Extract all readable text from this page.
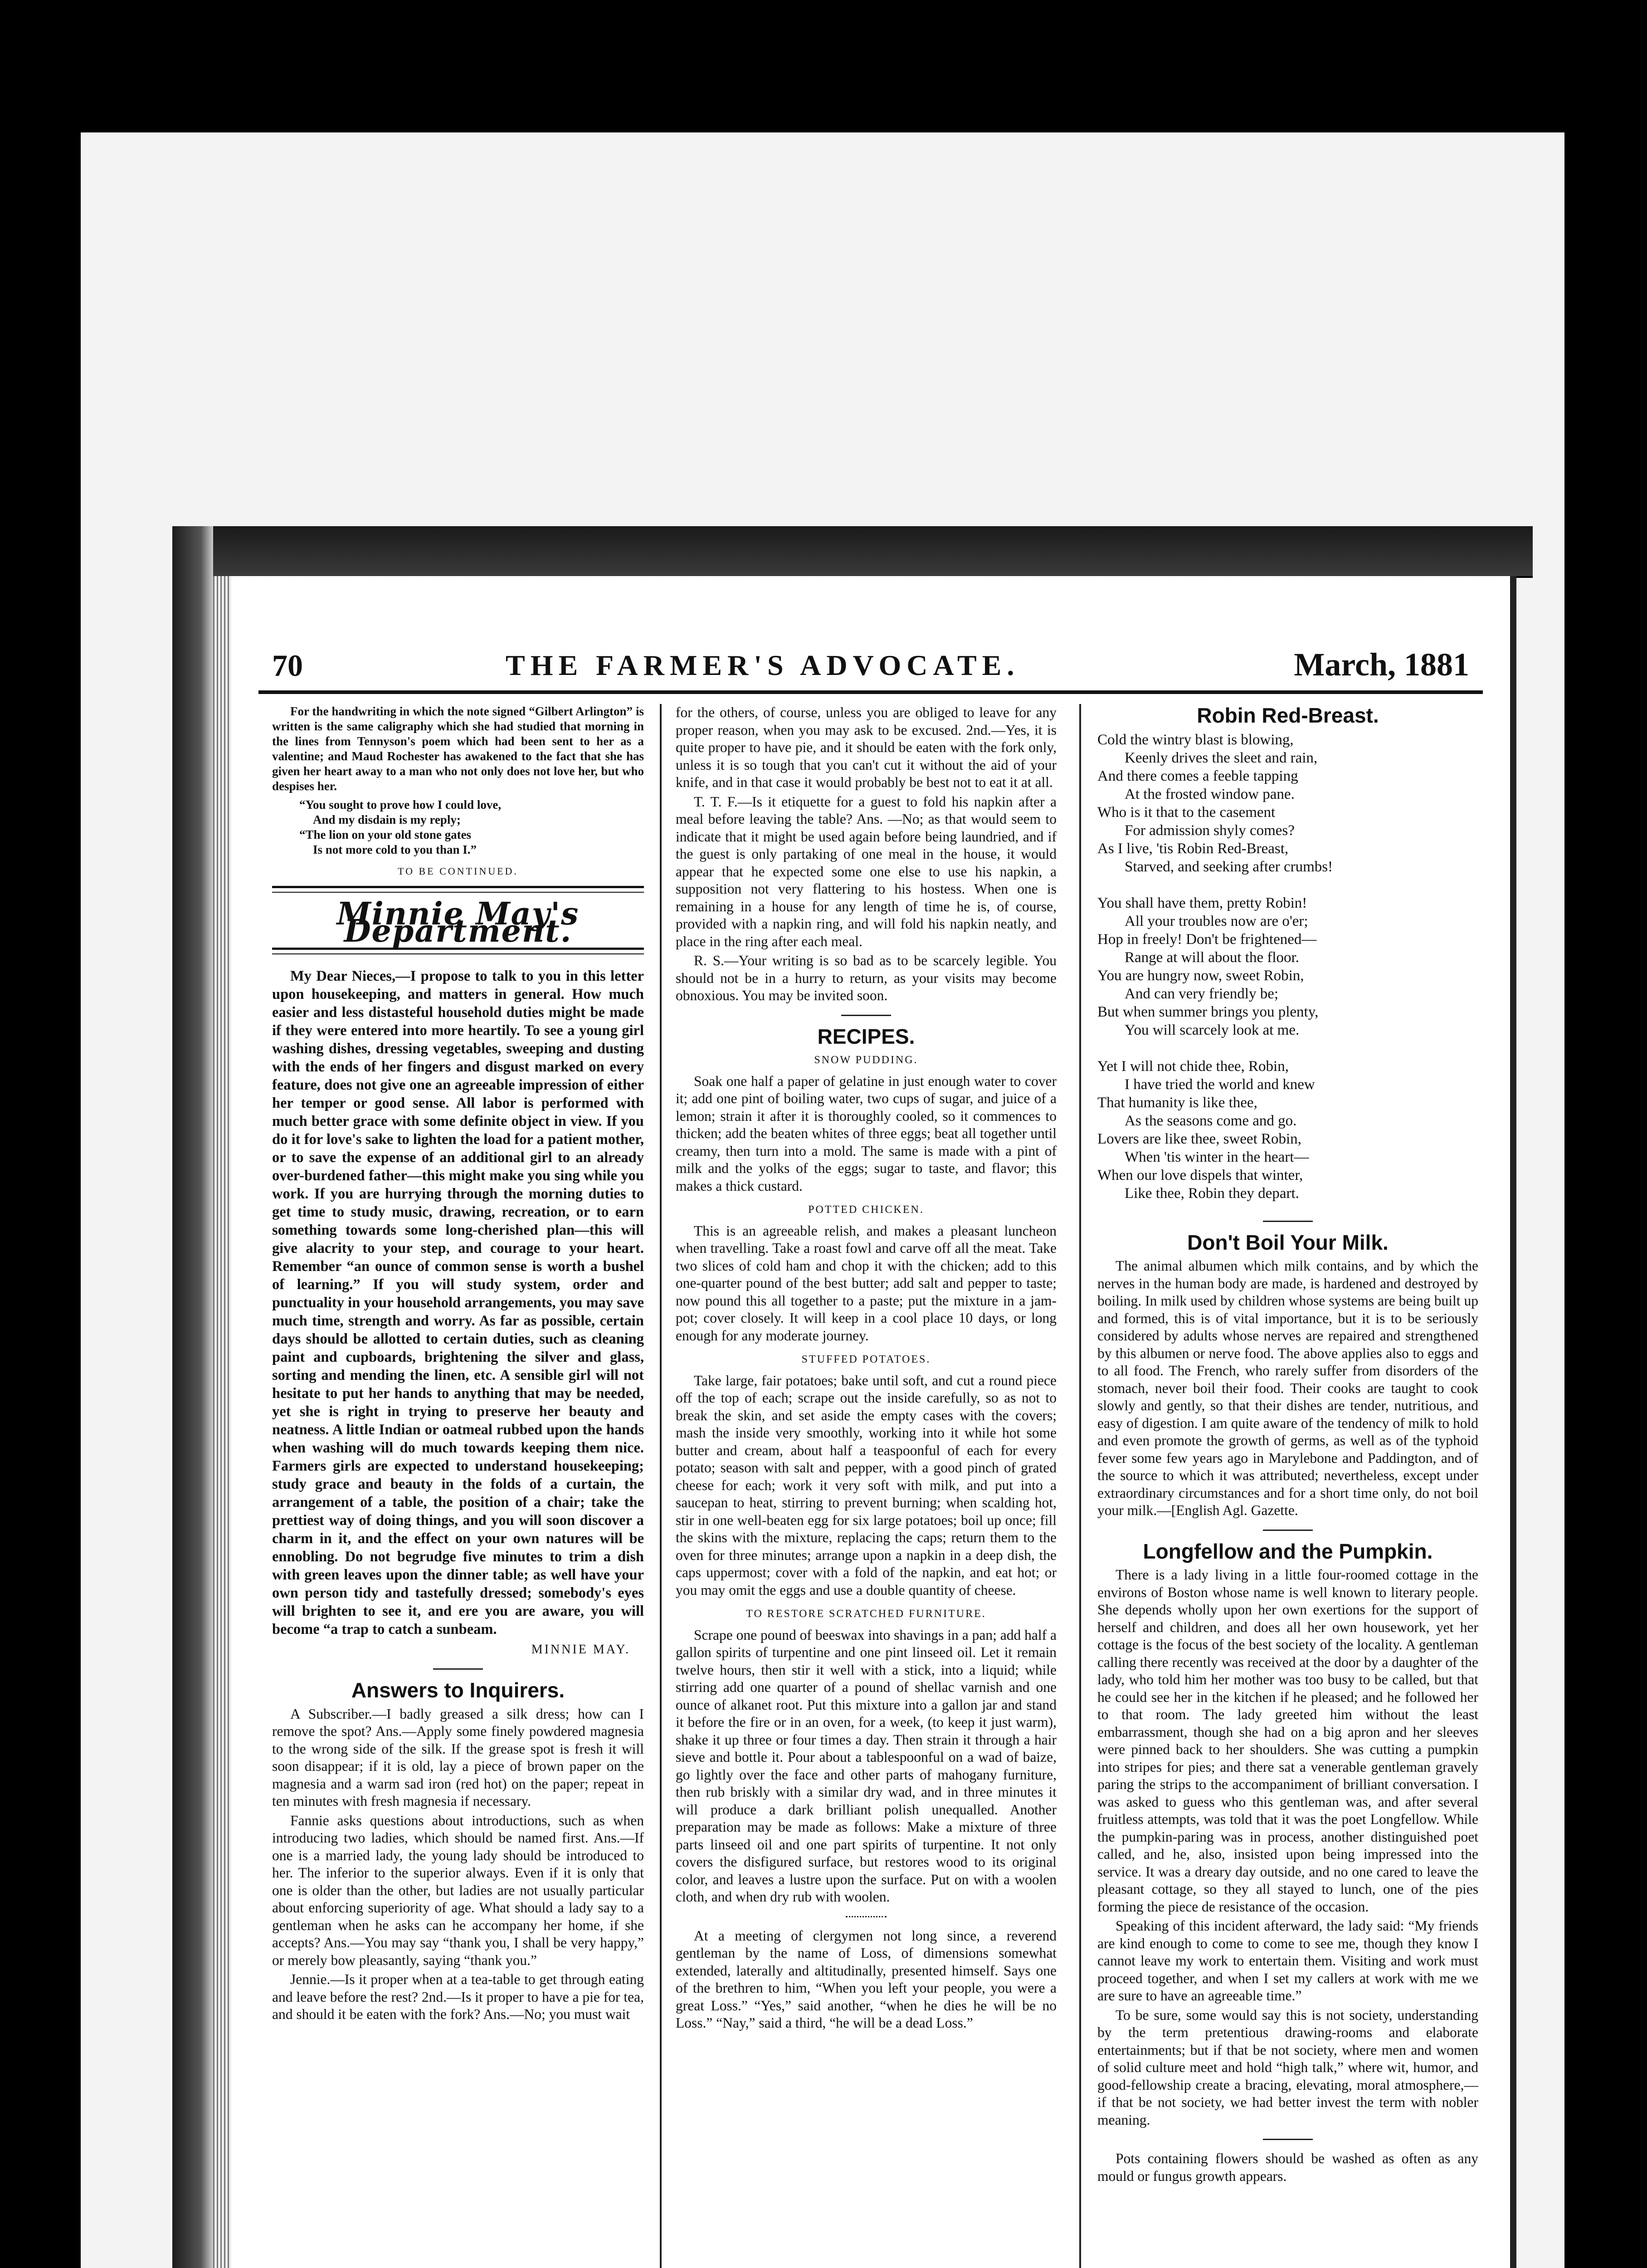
70	THE FARMER'S ADVOCATE.	March, 1881

For the handwriting in which the note signed “Gilbert Arlington” is written is the same caligraphy which she had studied that morning in the lines from Tennyson's poem which had been sent to her as a valentine; and Maud Rochester has awakened to the fact that she has given her heart away to a man who not only does not love her, but who despises her.

“You sought to prove how I could love,
And my disdain is my reply;
“The lion on your old stone gates
Is not more cold to you than I.”
TO BE CONTINUED.
Minnie May's Department.

My Dear Nieces,—I propose to talk to you in this letter upon housekeeping, and matters in general. How much easier and less distasteful household duties might be made if they were entered into more heartily. To see a young girl washing dishes, dressing vegetables, sweeping and dusting with the ends of her fingers and disgust marked on every feature, does not give one an agreeable impression of either her temper or good sense. All labor is performed with much better grace with some definite object in view. If you do it for love's sake to lighten the load for a patient mother, or to save the expense of an additional girl to an already over-burdened father—this might make you sing while you work. If you are hurrying through the morning duties to get time to study music, drawing, recreation, or to earn something towards some long-cherished plan—this will give alacrity to your step, and courage to your heart. Remember “an ounce of common sense is worth a bushel of learning.” If you will study system, order and punctuality in your household arrangements, you may save much time, strength and worry. As far as possible, certain days should be allotted to certain duties, such as cleaning paint and cupboards, brightening the silver and glass, sorting and mending the linen, etc. A sensible girl will not hesitate to put her hands to anything that may be needed, yet she is right in trying to preserve her beauty and neatness. A little Indian or oatmeal rubbed upon the hands when washing will do much towards keeping them nice. Farmers girls are expected to understand housekeeping; study grace and beauty in the folds of a curtain, the arrangement of a table, the position of a chair; take the prettiest way of doing things, and you will soon discover a charm in it, and the effect on your own natures will be ennobling. Do not begrudge five minutes to trim a dish with green leaves upon the dinner table; as well have your own person tidy and tastefully dressed; somebody's eyes will brighten to see it, and ere you are aware, you will become “a trap to catch a sunbeam.

MINNIE MAY.
Answers to Inquirers.

A Subscriber.—I badly greased a silk dress; how can I remove the spot? Ans.—Apply some finely powdered magnesia to the wrong side of the silk. If the grease spot is fresh it will soon disappear; if it is old, lay a piece of brown paper on the magnesia and a warm sad iron (red hot) on the paper; repeat in ten minutes with fresh magnesia if necessary.

Fannie asks questions about introductions, such as when introducing two ladies, which should be named first. Ans.—If one is a married lady, the young lady should be introduced to her. The inferior to the superior always. Even if it is only that one is older than the other, but ladies are not usually particular about enforcing superiority of age. What should a lady say to a gentleman when he asks can he accompany her home, if she accepts? Ans.—You may say “thank you, I shall be very happy,” or merely bow pleasantly, saying “thank you.”

Jennie.—Is it proper when at a tea-table to get through eating and leave before the rest? 2nd.—Is it proper to have a pie for tea, and should it be eaten with the fork? Ans.—No; you must wait

for the others, of course, unless you are obliged to leave for any proper reason, when you may ask to be excused. 2nd.—Yes, it is quite proper to have pie, and it should be eaten with the fork only, unless it is so tough that you can't cut it without the aid of your knife, and in that case it would probably be best not to eat it at all.

T. T. F.—Is it etiquette for a guest to fold his napkin after a meal before leaving the table? Ans. —No; as that would seem to indicate that it might be used again before being laundried, and if the guest is only partaking of one meal in the house, it would appear that he expected some one else to use his napkin, a supposition not very flattering to his hostess. When one is remaining in a house for any length of time he is, of course, provided with a napkin ring, and will fold his napkin neatly, and place in the ring after each meal.

R. S.—Your writing is so bad as to be scarcely legible. You should not be in a hurry to return, as your visits may become obnoxious. You may be invited soon.

RECIPES.
SNOW PUDDING.

Soak one half a paper of gelatine in just enough water to cover it; add one pint of boiling water, two cups of sugar, and juice of a lemon; strain it after it is thoroughly cooled, so it commences to thicken; add the beaten whites of three eggs; beat all together until creamy, then turn into a mold. The same is made with a pint of milk and the yolks of the eggs; sugar to taste, and flavor; this makes a thick custard.

POTTED CHICKEN.

This is an agreeable relish, and makes a pleasant luncheon when travelling. Take a roast fowl and carve off all the meat. Take two slices of cold ham and chop it with the chicken; add to this one-quarter pound of the best butter; add salt and pepper to taste; now pound this all together to a paste; put the mixture in a jam-pot; cover closely. It will keep in a cool place 10 days, or long enough for any moderate journey.

STUFFED POTATOES.

Take large, fair potatoes; bake until soft, and cut a round piece off the top of each; scrape out the inside carefully, so as not to break the skin, and set aside the empty cases with the covers; mash the inside very smoothly, working into it while hot some butter and cream, about half a teaspoonful of each for every potato; season with salt and pepper, with a good pinch of grated cheese for each; work it very soft with milk, and put into a saucepan to heat, stirring to prevent burning; when scalding hot, stir in one well-beaten egg for six large potatoes; boil up once; fill the skins with the mixture, replacing the caps; return them to the oven for three minutes; arrange upon a napkin in a deep dish, the caps uppermost; cover with a fold of the napkin, and eat hot; or you may omit the eggs and use a double quantity of cheese.

TO RESTORE SCRATCHED FURNITURE.

Scrape one pound of beeswax into shavings in a pan; add half a gallon spirits of turpentine and one pint linseed oil. Let it remain twelve hours, then stir it well with a stick, into a liquid; while stirring add one quarter of a pound of shellac varnish and one ounce of alkanet root. Put this mixture into a gallon jar and stand it before the fire or in an oven, for a week, (to keep it just warm), shake it up three or four times a day. Then strain it through a hair sieve and bottle it. Pour about a tablespoonful on a wad of baize, go lightly over the face and other parts of mahogany furniture, then rub briskly with a similar dry wad, and in three minutes it will produce a dark brilliant polish unequalled. Another preparation may be made as follows: Make a mixture of three parts linseed oil and one part spirits of turpentine. It not only covers the disfigured surface, but restores wood to its original color, and leaves a lustre upon the surface. Put on with a woolen cloth, and when dry rub with woolen.

At a meeting of clergymen not long since, a reverend gentleman by the name of Loss, of dimensions somewhat extended, laterally and altitudinally, presented himself. Says one of the brethren to him, “When you left your people, you were a great Loss.” “Yes,” said another, “when he dies he will be no Loss.” “Nay,” said a third, “he will be a dead Loss.”

Robin Red-Breast.
Cold the wintry blast is blowing,
Keenly drives the sleet and rain,
And there comes a feeble tapping
At the frosted window pane.
Who is it that to the casement
For admission shyly comes?
As I live, 'tis Robin Red-Breast,
Starved, and seeking after crumbs!
You shall have them, pretty Robin!
All your troubles now are o'er;
Hop in freely! Don't be frightened—
Range at will about the floor.
You are hungry now, sweet Robin,
And can very friendly be;
But when summer brings you plenty,
You will scarcely look at me.
Yet I will not chide thee, Robin,
I have tried the world and knew
That humanity is like thee,
As the seasons come and go.
Lovers are like thee, sweet Robin,
When 'tis winter in the heart—
When our love dispels that winter,
Like thee, Robin they depart.
Don't Boil Your Milk.

The animal albumen which milk contains, and by which the nerves in the human body are made, is hardened and destroyed by boiling. In milk used by children whose systems are being built up and formed, this is of vital importance, but it is to be seriously considered by adults whose nerves are repaired and strengthened by this albumen or nerve food. The above applies also to eggs and to all food. The French, who rarely suffer from disorders of the stomach, never boil their food. Their cooks are taught to cook slowly and gently, so that their dishes are tender, nutritious, and easy of digestion. I am quite aware of the tendency of milk to hold and even promote the growth of germs, as well as of the typhoid fever some few years ago in Marylebone and Paddington, and of the source to which it was attributed; nevertheless, except under extraordinary circumstances and for a short time only, do not boil your milk.—[English Agl. Gazette.

Longfellow and the Pumpkin.

There is a lady living in a little four-roomed cottage in the environs of Boston whose name is well known to literary people. She depends wholly upon her own exertions for the support of herself and children, and does all her own housework, yet her cottage is the focus of the best society of the locality. A gentleman calling there recently was received at the door by a daughter of the lady, who told him her mother was too busy to be called, but that he could see her in the kitchen if he pleased; and he followed her to that room. The lady greeted him without the least embarrassment, though she had on a big apron and her sleeves were pinned back to her shoulders. She was cutting a pumpkin into stripes for pies; and there sat a venerable gentleman gravely paring the strips to the accompaniment of brilliant conversation. I was asked to guess who this gentleman was, and after several fruitless attempts, was told that it was the poet Longfellow. While the pumpkin-paring was in process, another distinguished poet called, and he, also, insisted upon being impressed into the service. It was a dreary day outside, and no one cared to leave the pleasant cottage, so they all stayed to lunch, one of the pies forming the piece de resistance of the occasion.

Speaking of this incident afterward, the lady said: “My friends are kind enough to come to come to see me, though they know I cannot leave my work to entertain them. Visiting and work must proceed together, and when I set my callers at work with me we are sure to have an agreeable time.”

To be sure, some would say this is not society, understanding by the term pretentious drawing-rooms and elaborate entertainments; but if that be not society, where men and women of solid culture meet and hold “high talk,” where wit, humor, and good-fellowship create a bracing, elevating, moral atmosphere,—if that be not society, we had better invest the term with nobler meaning.

Pots containing flowers should be washed as often as any mould or fungus growth appears.
